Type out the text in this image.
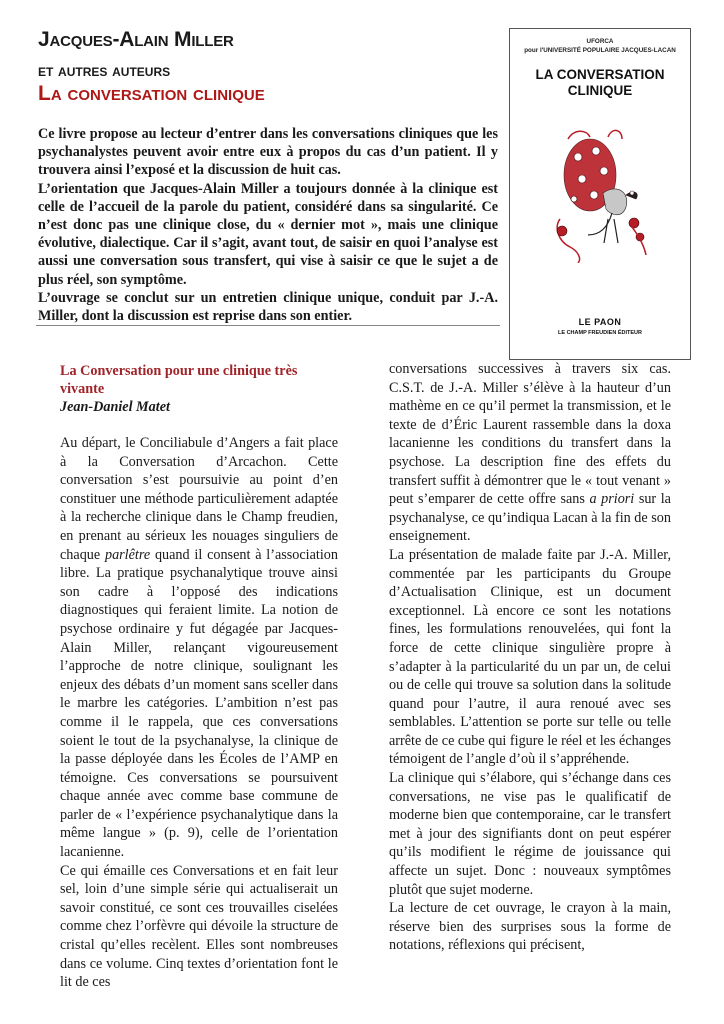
Jacques-Alain Miller
et autres auteurs
La conversation clinique
UFORCA
pour l'UNIVERSITÉ POPULAIRE JACQUES-LACAN
LA CONVERSATION
CLINIQUE
LE PAON
LE CHAMP FREUDIEN ÉDITEUR

Ce livre propose au lecteur d’entrer dans les conversations cliniques que les psychanalystes peuvent avoir entre eux à propos du cas d’un patient. Il y trouvera ainsi l’exposé et la discussion de huit cas.

L’orientation que Jacques-Alain Miller a toujours donnée à la clinique est celle de l’accueil de la parole du patient, considéré dans sa singularité. Ce n’est donc pas une clinique close, du « dernier mot », mais une clinique évolutive, dialectique. Car il s’agit, avant tout, de saisir en quoi l’analyse est aussi une conversation sous transfert, qui vise à saisir ce que le sujet a de plus réel, son symptôme.

L’ouvrage se conclut sur un entretien clinique unique, conduit par J.-A. Miller, dont la discussion est reprise dans son entier.

La Conversation pour une clinique très vivante
Jean-Daniel Matet

Au départ, le Conciliabule d’Angers a fait place à la Conversation d’Arcachon. Cette conversation s’est poursuivie au point d’en constituer une méthode particulièrement adaptée à la recherche clinique dans le Champ freudien, en prenant au sérieux les nouages singuliers de chaque parlêtre quand il consent à l’association libre. La pratique psychanalytique trouve ainsi son cadre à l’opposé des indications diagnostiques qui feraient limite. La notion de psychose ordinaire y fut dégagée par Jacques-Alain Miller, relançant vigoureusement l’approche de notre clinique, soulignant les enjeux des débats d’un moment sans sceller dans le marbre les catégories. L’ambition n’est pas comme il le rappela, que ces conversations soient le tout de la psychanalyse, la clinique de la passe déployée dans les Écoles de l’AMP en témoigne. Ces conversations se poursuivent chaque année avec comme base commune de parler de « l’expérience psychanalytique dans la même langue » (p. 9), celle de l’orientation lacanienne.

Ce qui émaille ces Conversations et en fait leur sel, loin d’une simple série qui actualiserait un savoir constitué, ce sont ces trouvailles ciselées comme chez l’orfèvre qui dévoile la structure de cristal qu’elles recèlent. Elles sont nombreuses dans ce volume. Cinq textes d’orientation font le lit de ces

conversations successives à travers six cas. C.S.T. de J.-A. Miller s’élève à la hauteur d’un mathème en ce qu’il permet la transmission, et le texte de d’Éric Laurent rassemble dans la doxa lacanienne les conditions du transfert dans la psychose. La description fine des effets du transfert suffit à démontrer que le « tout venant » peut s’emparer de cette offre sans a priori sur la psychanalyse, ce qu’indiqua Lacan à la fin de son enseignement.

La présentation de malade faite par J.-A. Miller, commentée par les participants du Groupe d’Actualisation Clinique, est un document exceptionnel. Là encore ce sont les notations fines, les formulations renouvelées, qui font la force de cette clinique singulière propre à s’adapter à la particularité du un par un, de celui ou de celle qui trouve sa solution dans la solitude quand pour l’autre, il aura renoué avec ses semblables. L’attention se porte sur telle ou telle arrête de ce cube qui figure le réel et les échanges témoigent de l’angle d’où il s’appréhende.

La clinique qui s’élabore, qui s’échange dans ces conversations, ne vise pas le qualificatif de moderne bien que contemporaine, car le transfert met à jour des signifiants dont on peut espérer qu’ils modifient le régime de jouissance qui affecte un sujet. Donc : nouveaux symptômes plutôt que sujet moderne.

La lecture de cet ouvrage, le crayon à la main, réserve bien des surprises sous la forme de notations, réflexions qui précisent,
